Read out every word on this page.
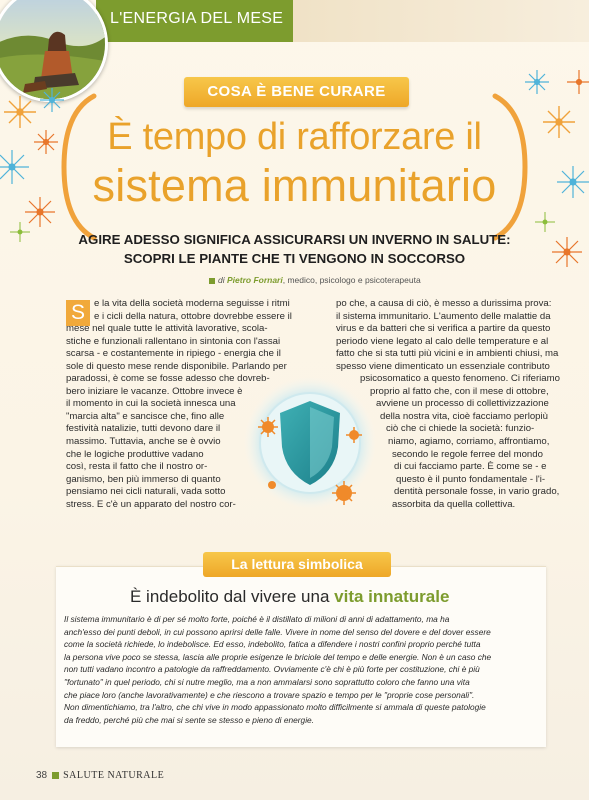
L'ENERGIA DEL MESE
COSA È BENE CURARE
È tempo di rafforzare il
sistema immunitario
AGIRE ADESSO SIGNIFICA ASSICURARSI UN INVERNO IN SALUTE:
SCOPRI LE PIANTE CHE TI VENGONO IN SOCCORSO
di Pietro Fornari, medico, psicologo e psicoterapeuta
S e la vita della società moderna seguisse i ritmi
e i cicli della natura, ottobre dovrebbe essere il
mese nel quale tutte le attività lavorative, scola-
stiche e funzionali rallentano in sintonia con l'assai
scarsa - e costantemente in ripiego - energia che il
sole di questo mese rende disponibile. Parlando per
paradossi, è come se fosse adesso che dovreb-
bero iniziare le vacanze. Ottobre invece è
il momento in cui la società innesca una
"marcia alta" e sancisce che, fino alle
festività natalizie, tutti devono dare il
massimo. Tuttavia, anche se è ovvio
che le logiche produttive vadano
così, resta il fatto che il nostro or-
ganismo, ben più immerso di quanto
pensiamo nei cicli naturali, vada sotto
stress. E c'è un apparato del nostro cor-
po che, a causa di ciò, è messo a durissima prova:
il sistema immunitario. L'aumento delle malattie da
virus e da batteri che si verifica a partire da questo
periodo viene legato al calo delle temperature e al
fatto che si sta tutti più vicini e in ambienti chiusi, ma
spesso viene dimenticato un essenziale contributo
psicosomatico a questo fenomeno. Ci riferiamo
proprio al fatto che, con il mese di ottobre,
avviene un processo di collettivizzazione
della nostra vita, cioè facciamo perlopiù
ciò che ci chiede la società: funzio-
niamo, agiamo, corriamo, affrontiamo,
secondo le regole ferree del mondo
di cui facciamo parte. È come se - e
questo è il punto fondamentale - l'i-
dentità personale fosse, in vario grado,
assorbita da quella collettiva.
La lettura simbolica
È indebolito dal vivere una vita innaturale
Il sistema immunitario è di per sé molto forte, poiché è il distillato di milioni di anni di adattamento, ma ha
anch'esso dei punti deboli, in cui possono aprirsi delle falle. Vivere in nome del senso del dovere e del dover essere
come la società richiede, lo indebolisce. Ed esso, indebolito, fatica a difendere i nostri confini proprio perché tutta
la persona vive poco se stessa, lascia alle proprie esigenze le briciole del tempo e delle energie. Non è un caso che
non tutti vadano incontro a patologie da raffreddamento. Ovviamente c'è chi è più forte per costituzione, chi è più
"fortunato" in quel periodo, chi si nutre meglio, ma a non ammalarsi sono soprattutto coloro che fanno una vita
che piace loro (anche lavorativamente) e che riescono a trovare spazio e tempo per le "proprie cose personali".
Non dimentichiamo, tra l'altro, che chi vive in modo appassionato molto difficilmente si ammala di queste patologie
da freddo, perché più che mai si sente se stesso e pieno di energie.
38 SALUTE NATURALE
